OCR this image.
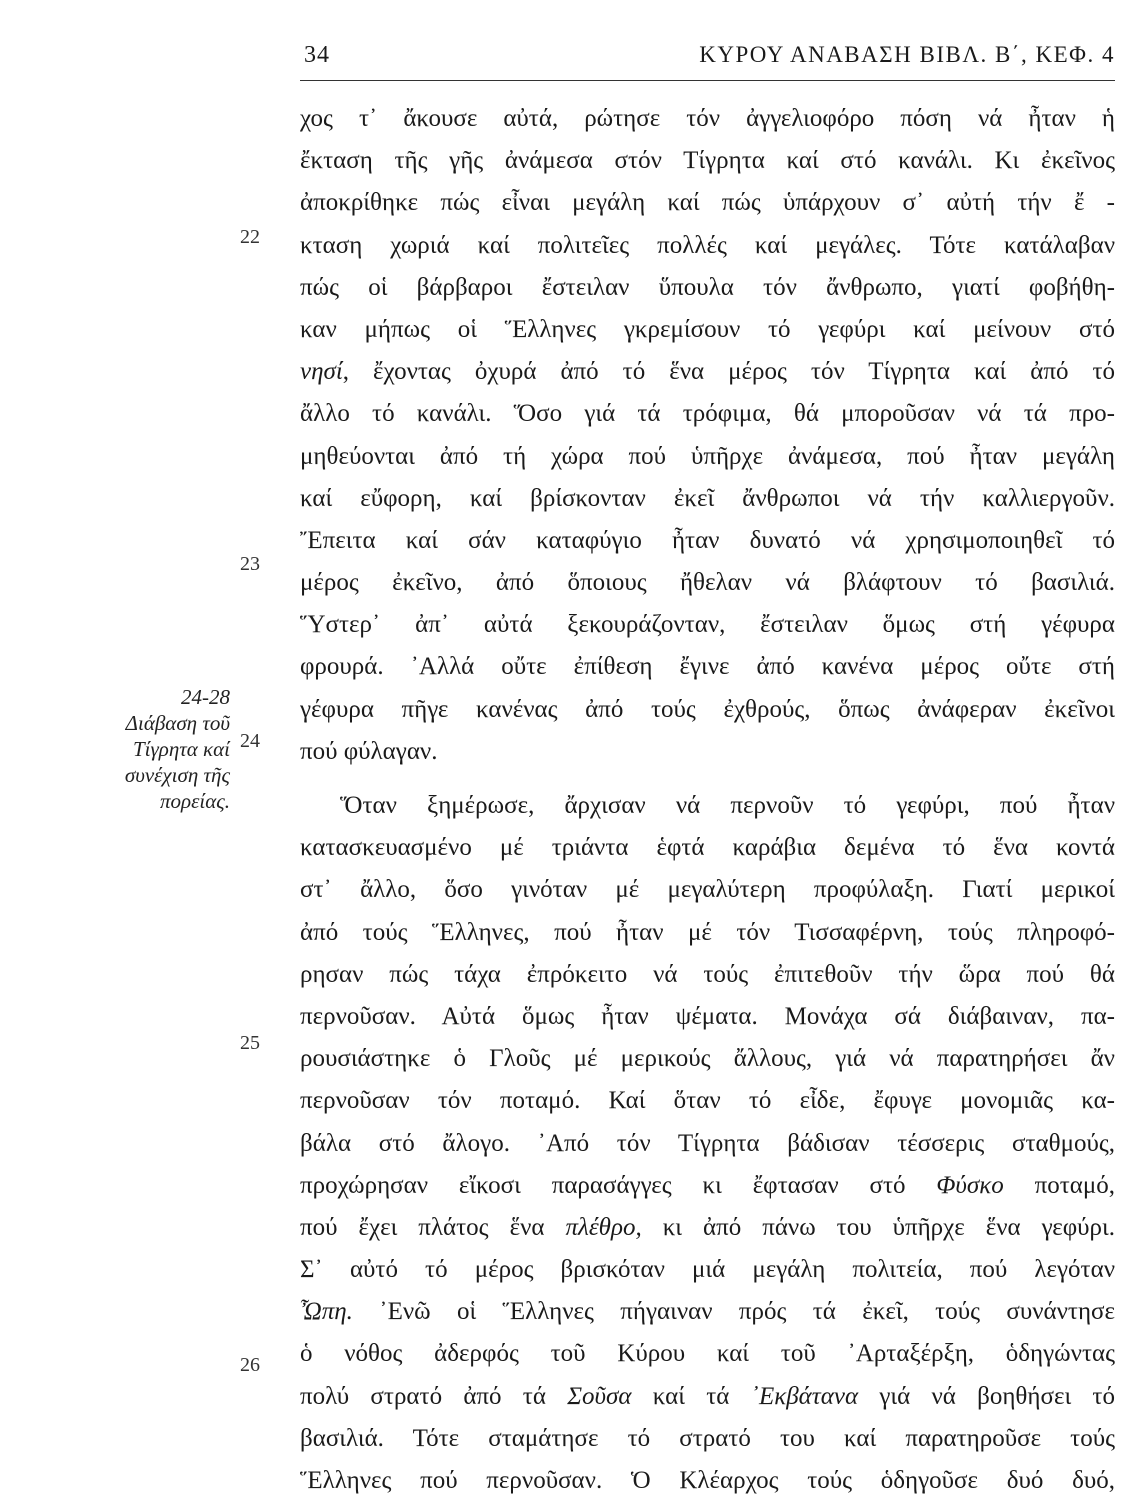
34	ΚΥΡΟΥ ΑΝΑΒΑΣΗ ΒΙΒΛ. Β΄, ΚΕΦ. 4
24-28
Διάβαση τοῦ
Τίγρητα καί
συνέχιση τῆς
πορείας.
22
23
24
25
26
χος τ᾿ ἄκουσε αὐτά, ρώτησε τόν ἀγγελιοφόρο πόση νά ἦταν ἡ
ἔκταση τῆς γῆς ἀνάμεσα στόν Τίγρητα καί στό κανάλι. Κι ἐκεῖνος
ἀποκρίθηκε πώς εἶναι μεγάλη καί πώς ὑπάρχουν σ᾿ αὐτή τήν ἔ -
κταση χωριά καί πολιτεῖες πολλές καί μεγάλες. Τότε κατάλαβαν
πώς οἱ βάρβαροι ἔστειλαν ὕπουλα τόν ἄνθρωπο, γιατί φοβήθη-
καν μήπως οἱ Ἕλληνες γκρεμίσουν τό γεφύρι καί μείνουν στό
νησί, ἔχοντας ὀχυρά ἀπό τό ἕνα μέρος τόν Τίγρητα καί ἀπό τό
ἄλλο τό κανάλι. Ὅσο γιά τά τρόφιμα, θά μποροῦσαν νά τά προ-
μηθεύονται ἀπό τή χώρα πού ὑπῆρχε ἀνάμεσα, πού ἦταν μεγάλη
καί εὔφορη, καί βρίσκονταν ἐκεῖ ἄνθρωποι νά τήν καλλιεργοῦν.
Ἔπειτα καί σάν καταφύγιο ἦταν δυνατό νά χρησιμοποιηθεῖ τό
μέρος ἐκεῖνο, ἀπό ὅποιους ἤθελαν νά βλάφτουν τό βασιλιά.
Ὕστερ᾿ ἀπ᾿ αὐτά ξεκουράζονταν, ἔστειλαν ὅμως στή γέφυρα
φρουρά. ᾿Αλλά οὔτε ἐπίθεση ἔγινε ἀπό κανένα μέρος οὔτε στή
γέφυρα πῆγε κανένας ἀπό τούς ἐχθρούς, ὅπως ἀνάφεραν ἐκεῖνοι
πού φύλαγαν.
Ὅταν ξημέρωσε, ἄρχισαν νά περνοῦν τό γεφύρι, πού ἦταν
κατασκευασμένο μέ τριάντα ἑφτά καράβια δεμένα τό ἕνα κοντά
στ᾿ ἄλλο, ὅσο γινόταν μέ μεγαλύτερη προφύλαξη. Γιατί μερικοί
ἀπό τούς Ἕλληνες, πού ἦταν μέ τόν Τισσαφέρνη, τούς πληροφό-
ρησαν πώς τάχα ἐπρόκειτο νά τούς ἐπιτεθοῦν τήν ὥρα πού θά
περνοῦσαν. Αὐτά ὅμως ἦταν ψέματα. Μονάχα σά διάβαιναν, πα-
ρουσιάστηκε ὁ Γλοῦς μέ μερικούς ἄλλους, γιά νά παρατηρήσει ἄν
περνοῦσαν τόν ποταμό. Καί ὅταν τό εἶδε, ἔφυγε μονομιᾶς κα-
βάλα στό ἄλογο. ᾿Από τόν Τίγρητα βάδισαν τέσσερις σταθμούς,
προχώρησαν εἴκοσι παρασάγγες κι ἔφτασαν στό Φύσκο ποταμό,
πού ἔχει πλάτος ἕνα πλέθρο, κι ἀπό πάνω του ὑπῆρχε ἕνα γεφύρι.
Σ᾿ αὐτό τό μέρος βρισκόταν μιά μεγάλη πολιτεία, πού λεγόταν
Ὦπη. ᾿Ενῶ οἱ Ἕλληνες πήγαιναν πρός τά ἐκεῖ, τούς συνάντησε
ὁ νόθος ἀδερφός τοῦ Κύρου καί τοῦ ᾿Αρταξέρξη, ὁδηγώντας
πολύ στρατό ἀπό τά Σοῦσα καί τά ᾿Εκβάτανα γιά νά βοηθήσει τό
βασιλιά. Τότε σταμάτησε τό στρατό του καί παρατηροῦσε τούς
Ἕλληνες πού περνοῦσαν. Ὁ Κλέαρχος τούς ὁδηγοῦσε δυό δυό,
